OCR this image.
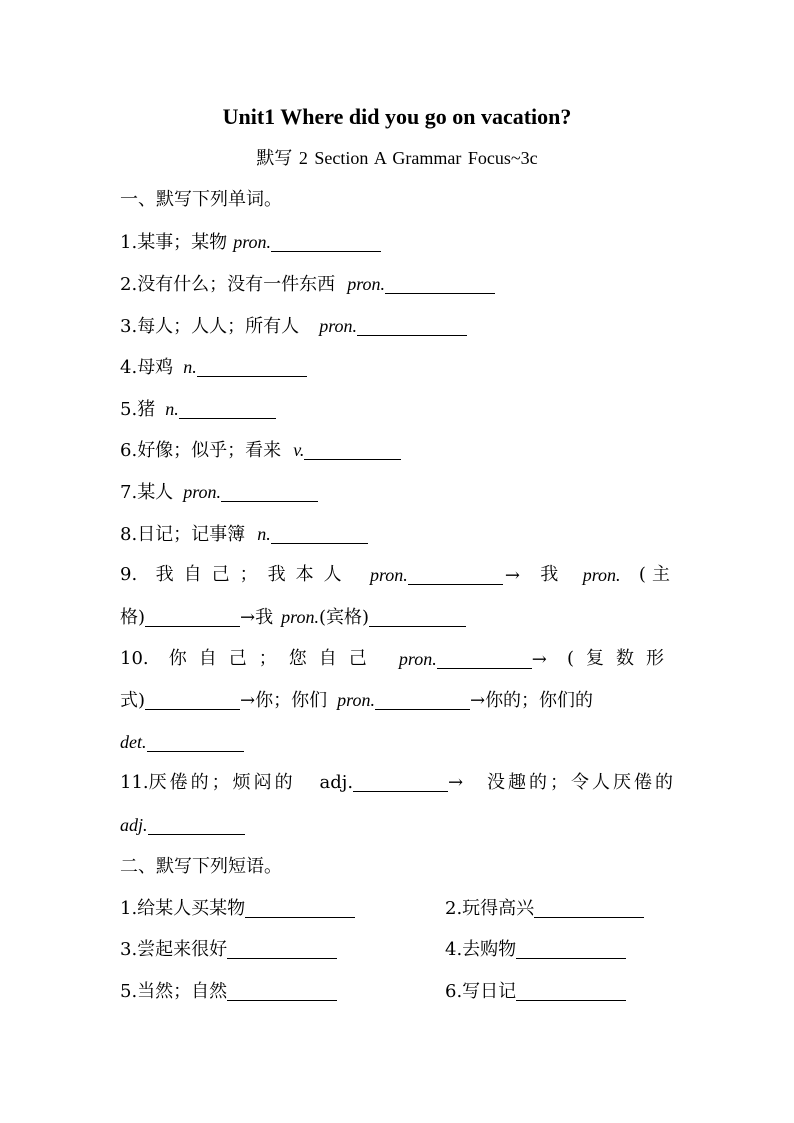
Unit1 Where did you go on vacation?
默写 2 Section A Grammar Focus~3c
一、默写下列单词。
1.某事；某物 pron.
2.没有什么；没有一件东西 pron.
3.每人；人人；所有人 pron.
4.母鸡 n.
5.猪 n.
6.好像；似乎；看来 v.
7.某人 pron.
8.日记；记事簿 n.
9. 我自己；我本人 pron.	→ 我 pron. (主
格)	→我 pron.(宾格)
10. 你自己；您自己 pron.	→ (复数形
式)	→你；你们 pron.	→你的；你们的
det.
11.厌倦的；烦闷的 adj.	→ 没趣的；令人厌倦的
adj.
二、默写下列短语。
1.给某人买某物	2.玩得高兴
3.尝起来很好	4.去购物
5.当然；自然	6.写日记
